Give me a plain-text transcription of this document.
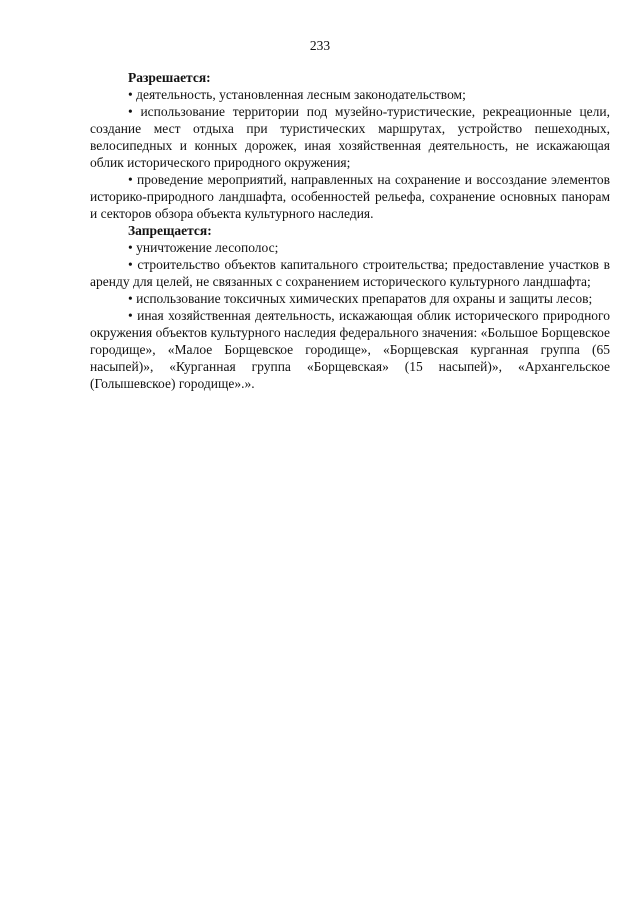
233

Разрешается:

• деятельность, установленная лесным законодательством;

• использование территории под музейно-туристические, рекреационные цели, создание мест отдыха при туристических маршрутах, устройство пешеходных, велосипедных и конных дорожек, иная хозяйственная деятельность, не искажающая облик исторического природного окружения;

• проведение мероприятий, направленных на сохранение и воссоздание элементов историко-природного ландшафта, особенностей рельефа, сохранение основных панорам и секторов обзора объекта культурного наследия.

Запрещается:

• уничтожение лесополос;

• строительство объектов капитального строительства; предоставление участков в аренду для целей, не связанных с сохранением исторического культурного ландшафта;

• использование токсичных химических препаратов для охраны и защиты лесов;

• иная хозяйственная деятельность, искажающая облик исторического природного окружения объектов культурного наследия федерального значения: «Большое Борщевское городище», «Малое Борщевское городище», «Борщевская курганная группа (65 насыпей)», «Курганная группа «Борщевская» (15 насыпей)», «Архангельское (Голышевское) городище».».
